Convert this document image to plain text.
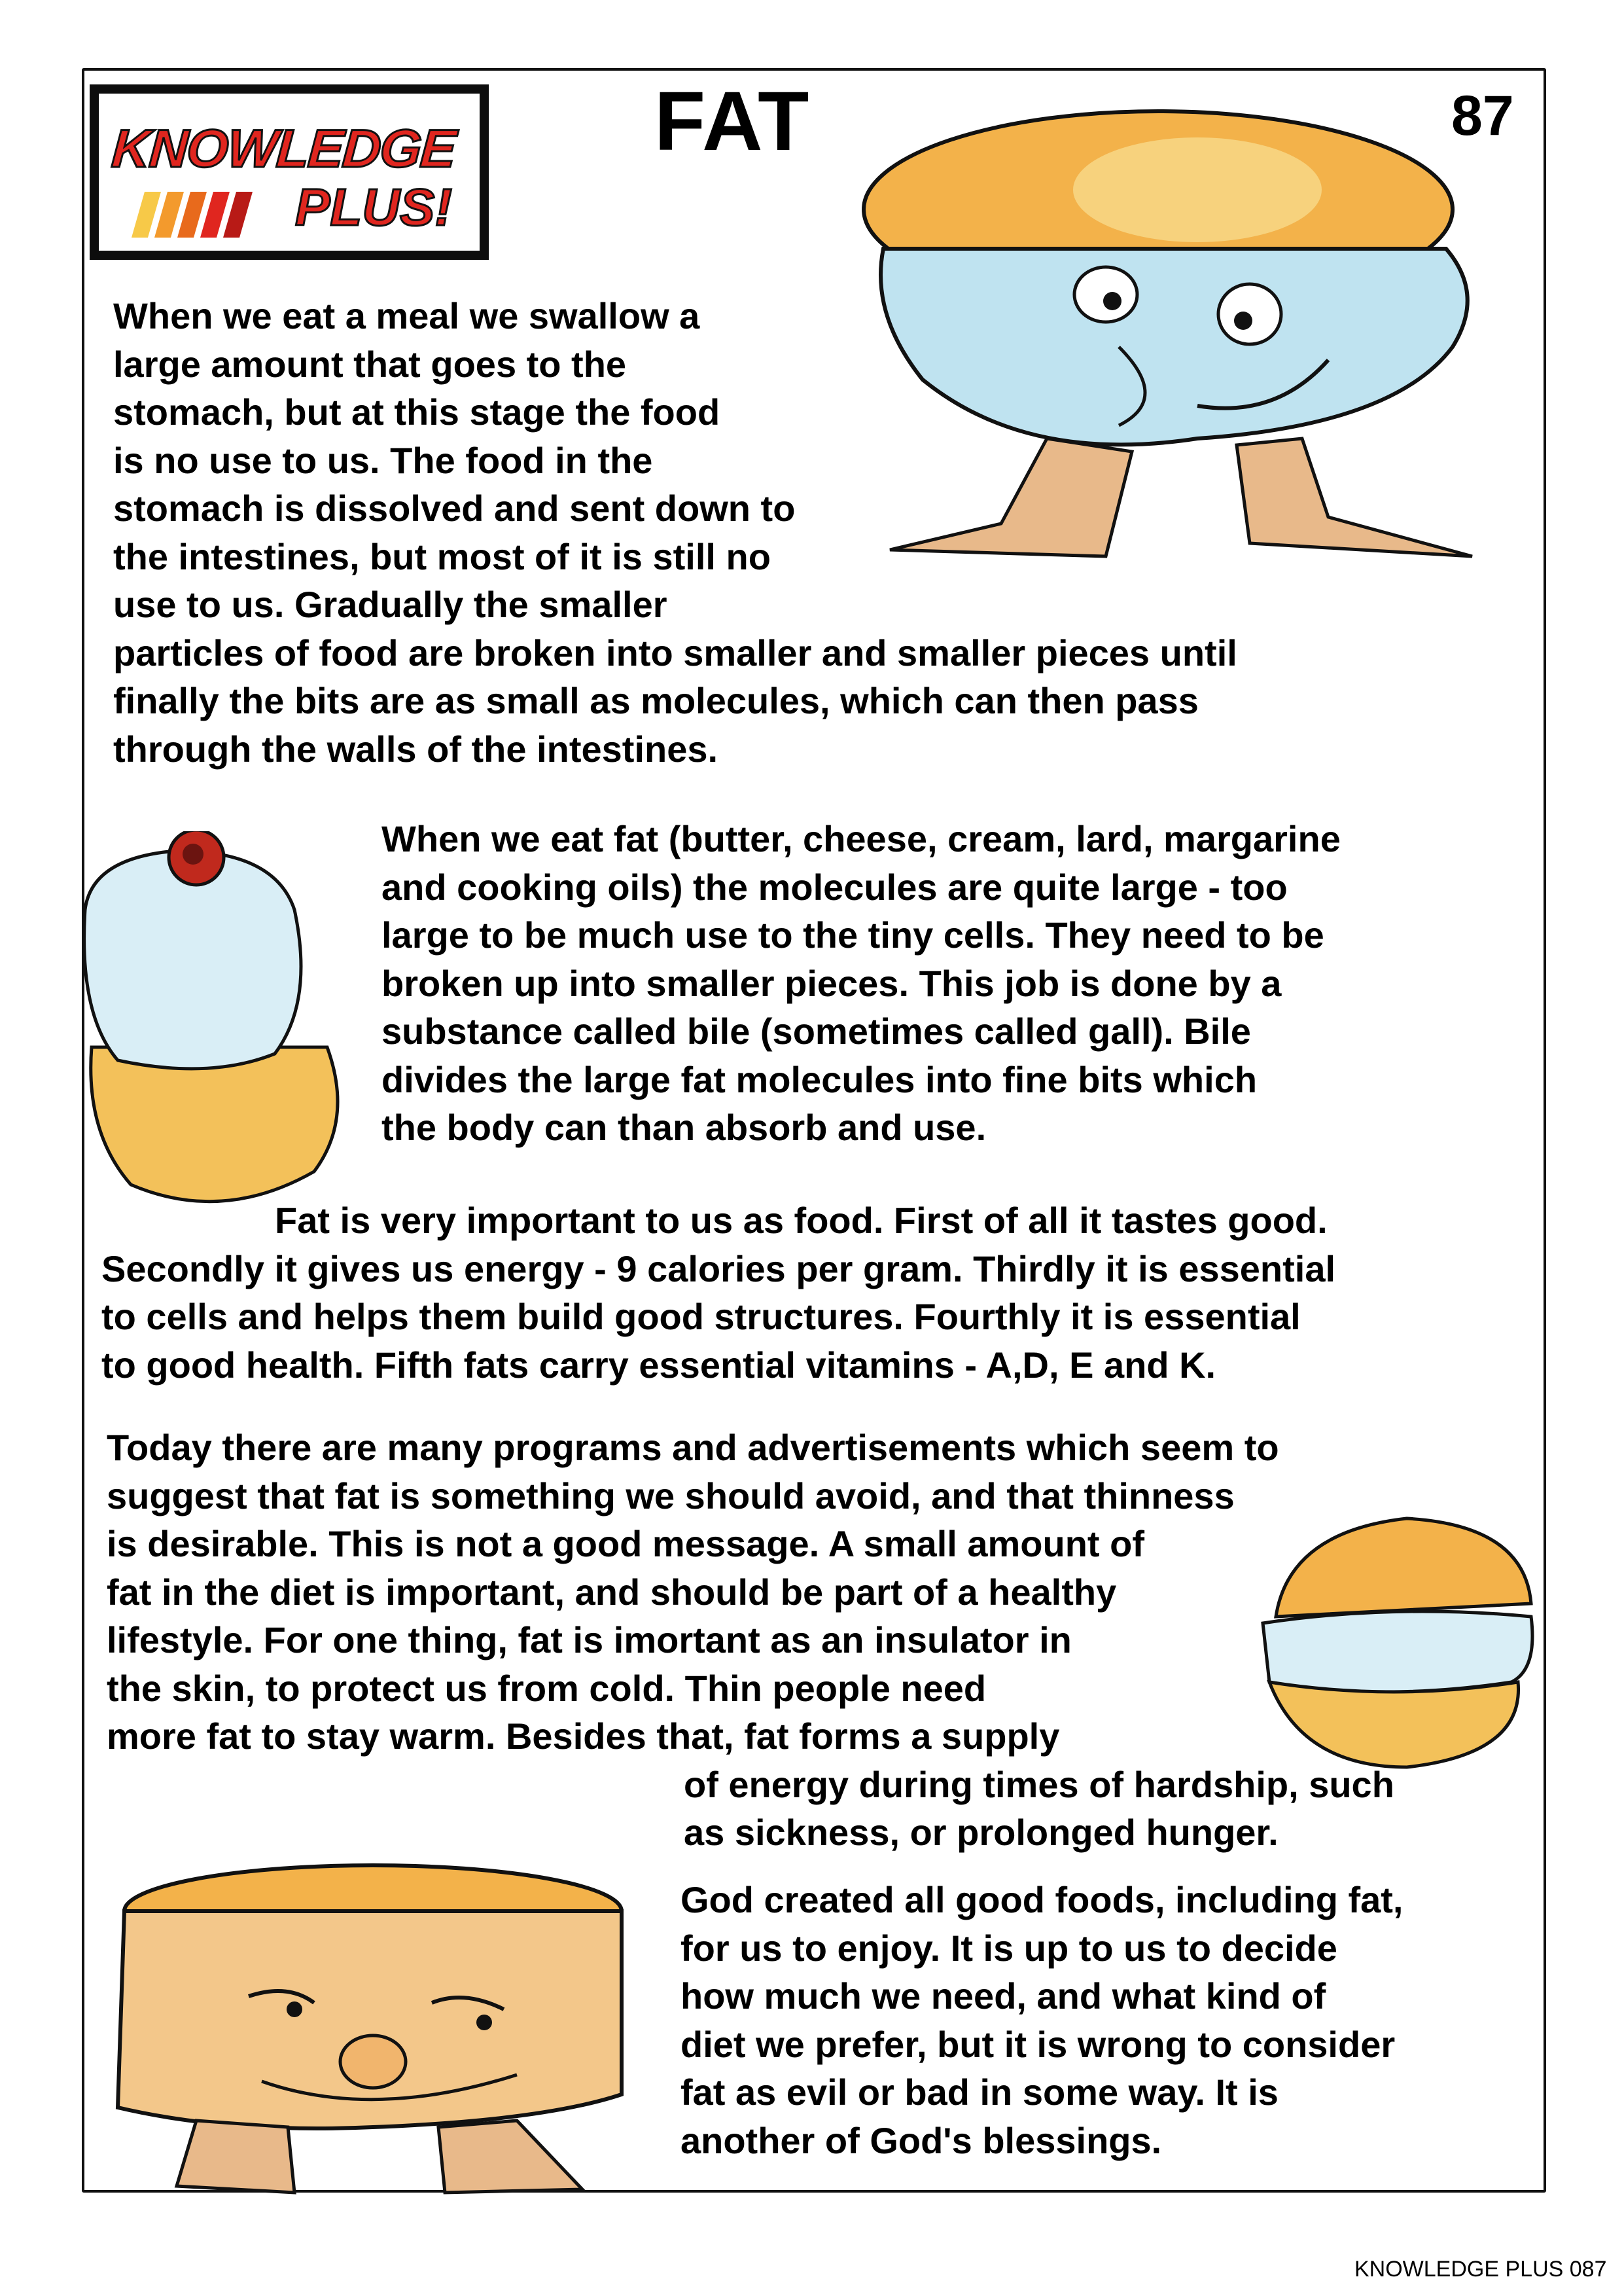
KNOWLEDGE
PLUS!
FAT	87
When we eat a meal we swallow a
large amount that goes to the
stomach, but at this stage the food
is no use to us. The food in the
stomach is dissolved and sent down to
the intestines, but most of it is still no
use to us. Gradually the smaller
particles of food are broken into smaller and smaller pieces until
finally the bits are as small as molecules, which can then pass
through the walls of the intestines.
When we eat fat (butter, cheese, cream, lard, margarine
and cooking oils) the molecules are quite large - too
large to be much use to the tiny cells. They need to be
broken up into smaller pieces. This job is done by a
substance called bile (sometimes called gall). Bile
divides the large fat molecules into fine bits which
the body can than absorb and use.
Fat is very important to us as food. First of all it tastes good.
Secondly it gives us energy - 9 calories per gram. Thirdly it is essential
to cells and helps them build good structures. Fourthly it is essential
to good health. Fifth fats carry essential vitamins - A,D, E and K.
Today there are many programs and advertisements which seem to
suggest that fat is something we should avoid, and that thinness
is desirable. This is not a good message. A small amount of
fat in the diet is important, and should be part of a healthy
lifestyle. For one thing, fat is imortant as an insulator in
the skin, to protect us from cold. Thin people need
more fat to stay warm. Besides that, fat forms a supply
of energy during times of hardship, such
as sickness, or prolonged hunger.
God created all good foods, including fat,
for us to enjoy. It is up to us to decide
how much we need, and what kind of
diet we prefer, but it is wrong to consider
fat as evil or bad in some way. It is
another of God's blessings.
KNOWLEDGE PLUS 087
